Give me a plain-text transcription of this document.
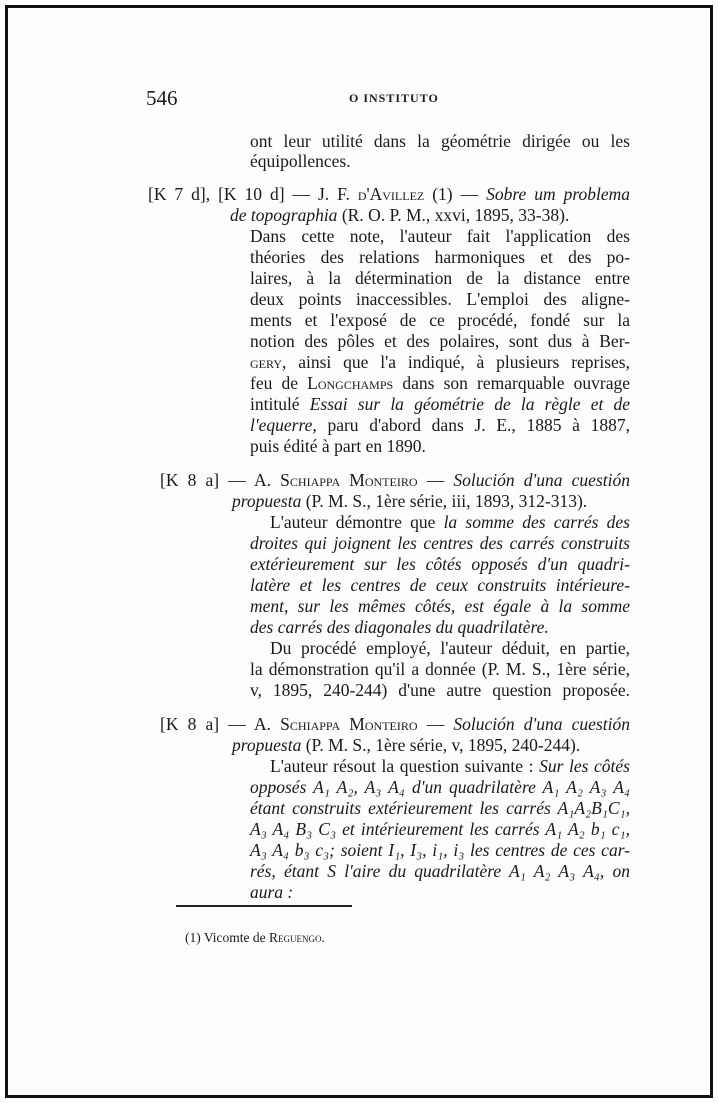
546	O INSTITUTO
ont leur utilité dans la géométrie dirigée ou les
équipollences.
[K 7 d], [K 10 d] — J. F. d'Avillez (1) — Sobre um problema
de topographia (R. O. P. M., xxvi, 1895, 33-38).
Dans cette note, l'auteur fait l'application des
théories des relations harmoniques et des po-
laires, à la détermination de la distance entre
deux points inaccessibles. L'emploi des aligne-
ments et l'exposé de ce procédé, fondé sur la
notion des pôles et des polaires, sont dus à Ber-
gery, ainsi que l'a indiqué, à plusieurs reprises,
feu de Longchamps dans son remarquable ouvrage
intitulé Essai sur la géométrie de la règle et de
l'equerre, paru d'abord dans J. E., 1885 à 1887,
puis édité à part en 1890.
[K 8 a] — A. Schiappa Monteiro — Solución d'una cuestión
propuesta (P. M. S., 1ère série, iii, 1893, 312-313).
L'auteur démontre que la somme des carrés des
droites qui joignent les centres des carrés construits
extérieurement sur les côtés opposés d'un quadri-
latère et les centres de ceux construits intérieure-
ment, sur les mêmes côtés, est égale à la somme
des carrés des diagonales du quadrilatère.
Du procédé employé, l'auteur déduit, en partie,
la démonstration qu'il a donnée (P. M. S., 1ère série,
v, 1895, 240-244) d'une autre question proposée.
[K 8 a] — A. Schiappa Monteiro — Solución d'una cuestión
propuesta (P. M. S., 1ère série, v, 1895, 240-244).
L'auteur résout la question suivante : Sur les côtés
opposés A₁ A₂, A₃ A₄ d'un quadrilatère A₁ A₂ A₃ A₄
étant construits extérieurement les carrés A₁A₂B₁C₁,
A₃ A₄ B₃ C₃ et intérieurement les carrés A₁ A₂ b₁ c₁,
A₃ A₄ b₃ c₃; soient I₁, I₃, i₁, i₃ les centres de ces car-
rés, étant S l'aire du quadrilatère A₁ A₂ A₃ A₄, on
aura :
(1) Vicomte de Reguengo.
